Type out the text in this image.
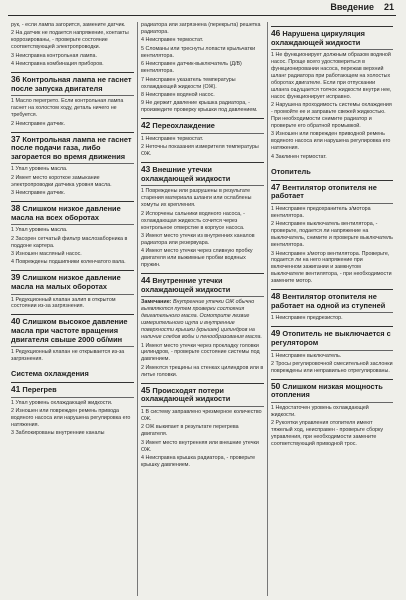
Введение 21

рук, - если лампа загорится, замените датчик.

2 На датчик не подается напряжение, контакты коррозированы, - проверьте состояние соответствующей электропроводки.

3 Неисправна контрольная лампа.

4 Неисправна комбинация приборов.

36 Контрольная лампа не гаснет после запуска двигателя

1 Масло перегрето. Если контрольная лампа гаснет на холостом ходу, деталь ничего не требуется.

2 Неисправен датчик.

37 Контрольная лампа не гаснет после подачи газа, либо загорается во время движения

1 Упал уровень масла.

2 Имеет место короткое замыкание электропроводки датчика уровня масла.

3 Неисправен датчик.

38 Слишком низкое давление масла на всех оборотах

1 Упал уровень масла.

2 Засорен сетчатый фильтр маслозаборника в поддоне картера.

3 Изношен масляный насос.

4 Повреждены подшипники коленчатого вала.

39 Слишком низкое давление масла на малых оборотах

1 Редукционный клапан залип в открытом состоянии из-за загрязнения.

40 Слишком высокое давление масла при частоте вращения двигателя свыше 2000 об/мин

1 Редукционный клапан не открывается из-за загрязнения.

Система охлаждения
41 Перегрев

1 Упал уровень охлаждающей жидкости.

2 Изношен или поврежден ремень привода водяного насоса или нарушена регулировка его натяжения.

3 Заблокированы внутренние каналы

радиатора или загрязнена (перекрыта) решетка радиатора.

4 Неисправен термостат.

5 Сломаны или треснуты лопасти крыльчатки вентилятора.

6 Неисправен датчик-выключатель (Д/В) вентилятора.

7 Неисправен указатель температуры охлаждающей жидкости (ОЖ).

8 Неисправен водяной насос.

9 Не держит давление крышка радиатора, - произведите проверку крышки под давлением.

42 Переохлаждение

1 Неисправен термостат.

2 Неточны показания измерителя температуры ОЖ.

43 Внешние утечки охлаждающей жидкости

1 Повреждены или разрушены в результате старения материала шланги или ослаблены хомуты их крепления.

2 Испорчены сальники водяного насоса, - охлаждающая жидкость сочится через контрольное отверстие в корпусе насоса.

3 Имеют место утечки из внутренних каналов радиатора или резервуара.

4 Имеют место утечки через сливную пробку двигателя или выжимные пробки водяных пружин.

44 Внутренние утечки охлаждающей жидкости

Замечание: Внутренние утечки ОЖ обычно выявляются путем проверки состояния двигательного масла. Осмотрите лезвие измерительного щупа и внутренние поверхности крышки (крышек) цилиндров на наличие следов воды и пенообразования масла.

1 Имеют место утечки через прокладку головки цилиндров, - проверьте состояние системы под давлением.

2 Имеются трещины на стенках цилиндров или в литье головки.

45 Происходят потери охлаждающей жидкости

1 В систему заправлено чрезмерное количество ОЖ.

2 ОЖ выкипает в результате перегрева двигателя.

3 Имеет место внутренняя или внешние утечки ОЖ.

4 Неисправна крышка радиатора, - проверьте крышку давлением.

46 Нарушена циркуляция охлаждающей жидкости

1 Не функционирует должным образом водяной насос. Проще всего удостовериться в функционировании насоса, пережав верхний шланг радиатора при работающем на холостых оборотах двигателе. Если при отпускании шланга ощущается толчок жидкости внутри нее, насос функционирует исправно.

2 Нарушена проходимость системы охлаждения - промойте ее и заправьте свежей жидкостью. При необходимости снимите радиатор и проверьте его обратной промывкой.

3 Изношен или поврежден приводной ремень водяного насоса или нарушена регулировка его натяжения.

4 Заклинен термостат.

Отопитель
47 Вентилятор отопителя не работает

1 Неисправен предохранитель з/мотора вентилятора.

2 Неисправен выключатель вентилятора, - проверьте, подается ли напряжение на выключатель, снимите и проверьте выключатель вентилятора.

3 Неисправен з/мотор вентилятора. Проверьте, подается ли на него напряжение при включенном зажигании и замкнутом выключателе вентилятора, - при необходимости замените мотор.

48 Вентилятор отопителя не работает на одной из ступеней

1 Неисправен предрезистор.

49 Отопитель не выключается с регулятором

1 Неисправен выключатель.

2 Тросы регулировочной смесительной заслонки повреждены или неправильно отрегулированы.

50 Слишком низкая мощность отопления

1 Недостаточен уровень охлаждающей жидкости.

2 Рукоятки управления отопителя имеют тяжелый ход, неисправен - проверьте сборку управления, при необходимости замените соответствующий приводной трос.
